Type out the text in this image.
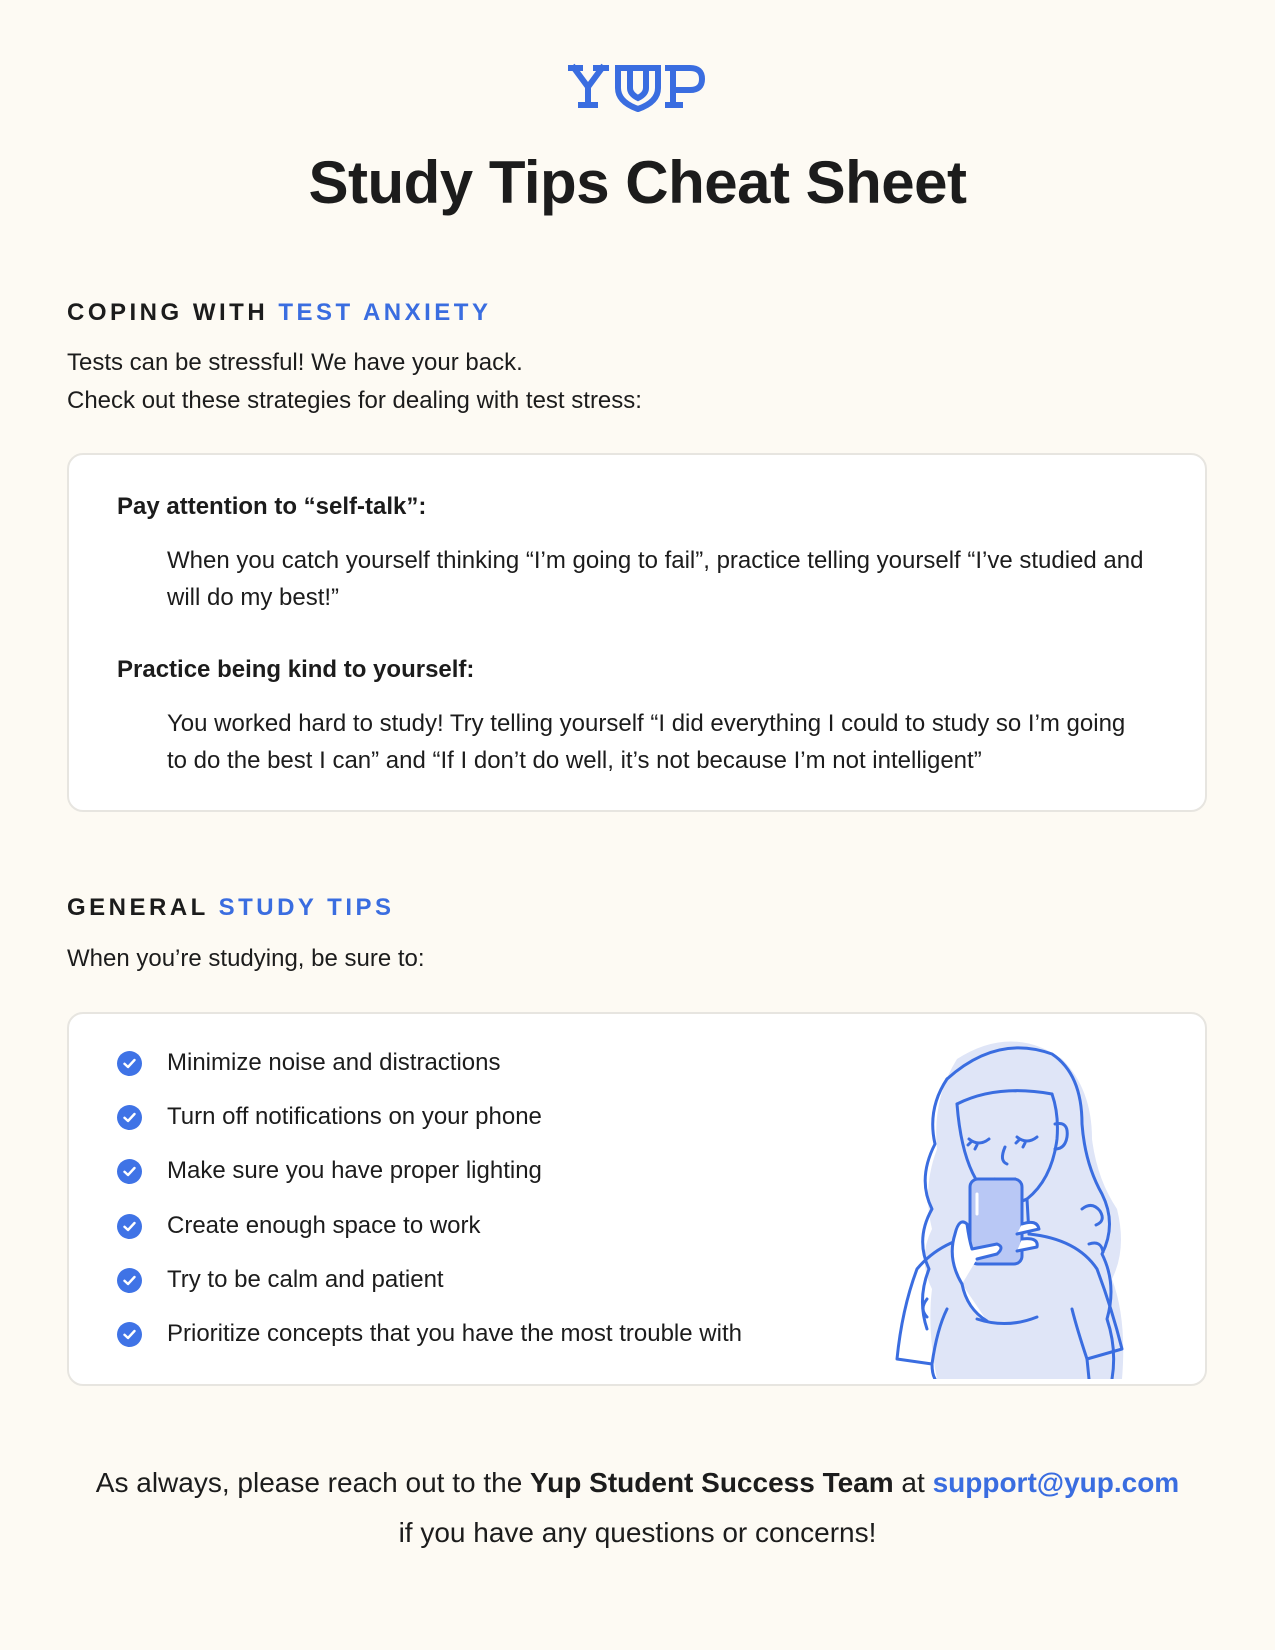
Study Tips Cheat Sheet
COPING WITH TEST ANXIETY
Tests can be stressful! We have your back.
Check out these strategies for dealing with test stress:
Pay attention to “self-talk”:
When you catch yourself thinking “I’m going to fail”, practice telling yourself “I’ve studied and will do my best!”
Practice being kind to yourself:
You worked hard to study! Try telling yourself “I did everything I could to study so I’m going to do the best I can” and “If I don’t do well, it’s not because I’m not intelligent”
GENERAL STUDY TIPS
When you’re studying, be sure to:
Minimize noise and distractions
Turn off notifications on your phone
Make sure you have proper lighting
Create enough space to work
Try to be calm and patient
Prioritize concepts that you have the most trouble with
As always, please reach out to the Yup Student Success Team at support@yup.com
if you have any questions or concerns!
